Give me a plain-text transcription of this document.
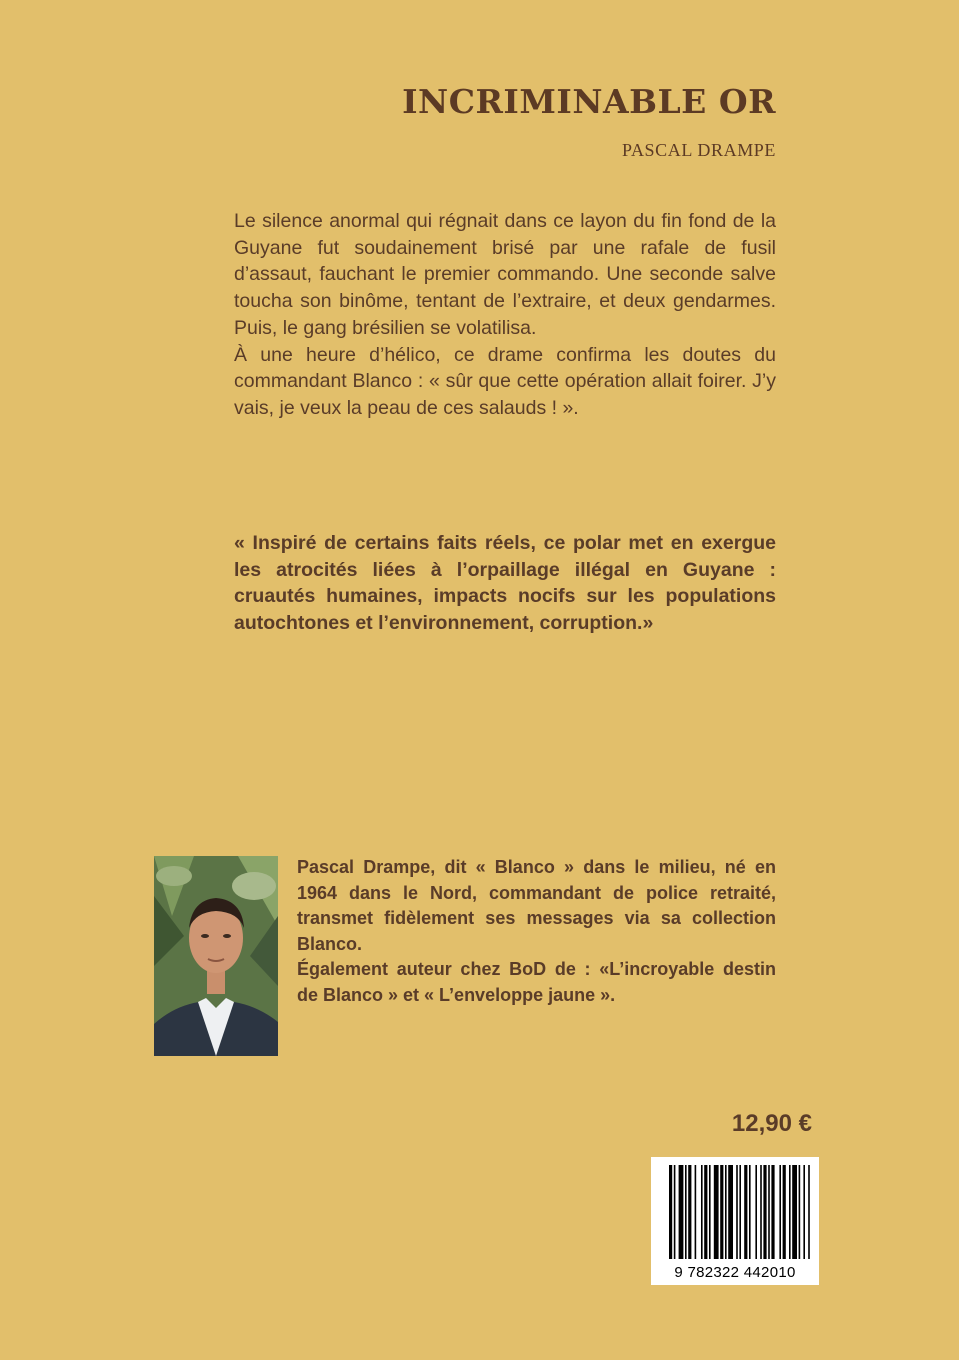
INCRIMINABLE OR
PASCAL DRAMPE

Le silence anormal qui régnait dans ce layon du fin fond de la Guyane fut soudainement brisé par une rafale de fusil d’assaut, fauchant le premier commando. Une seconde salve toucha son binôme, tentant de l’extraire, et deux gendarmes. Puis, le gang brésilien se volatilisa.

À une heure d’hélico, ce drame confirma les doutes du commandant Blanco : « sûr que cette opération allait foirer. J’y vais, je veux la peau de ces salauds ! ».

« Inspiré de certains faits réels, ce polar met en exergue les atrocités liées à l’orpaillage illégal en Guyane : cruautés humaines, impacts nocifs sur les populations autochtones et l’environnement, corruption.»

Pascal Drampe, dit « Blanco » dans le milieu, né en 1964 dans le Nord, commandant de police retraité, transmet fidèlement ses messages via sa collection Blanco.

Également auteur chez BoD de : «L’incroyable destin de Blanco » et « L’enveloppe jaune ».

12,90 €
9 782322 442010
